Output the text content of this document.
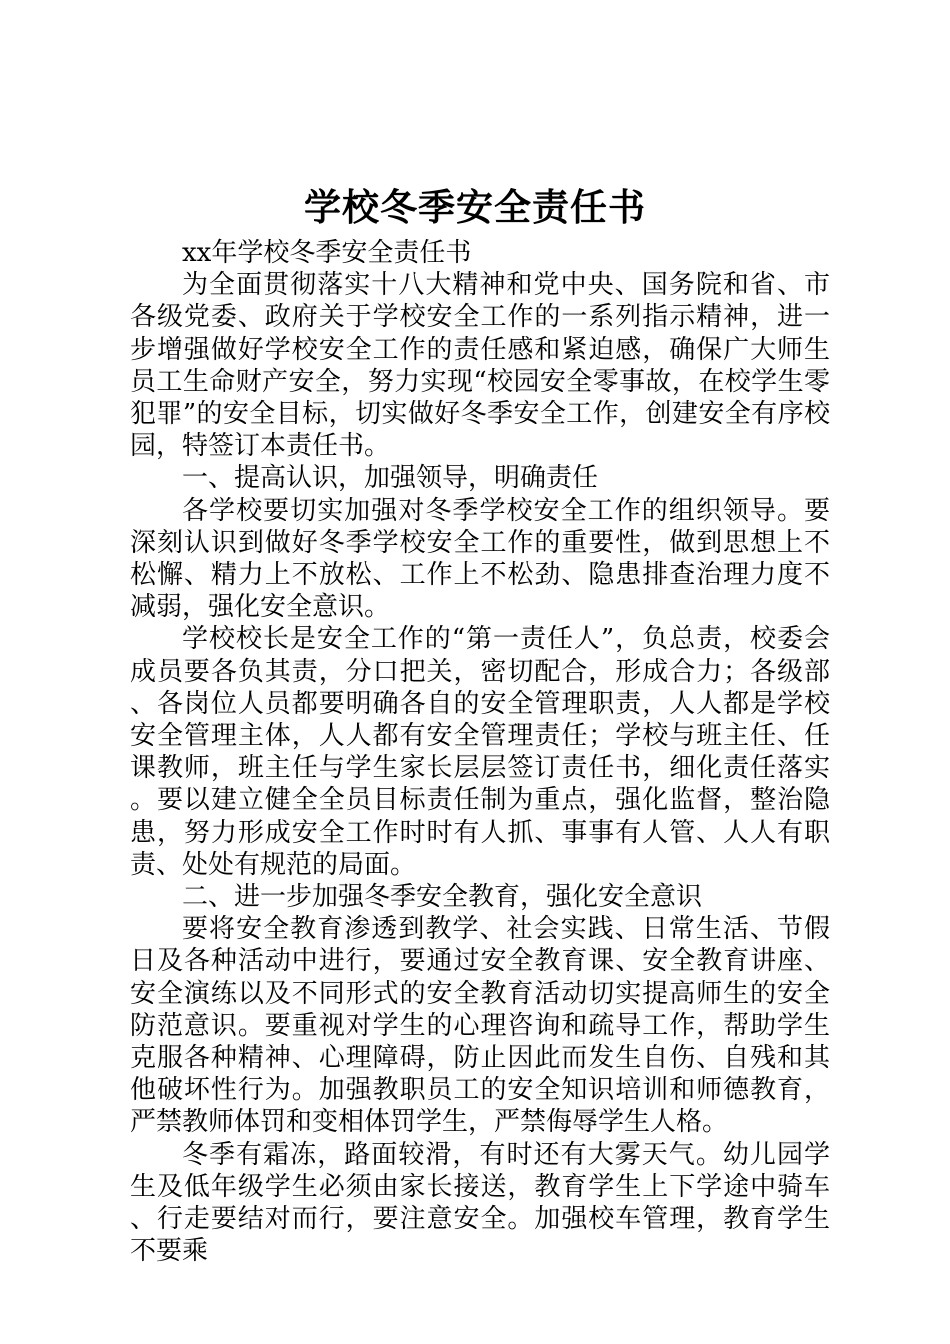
学校冬季安全责任书

xx年学校冬季安全责任书

为全面贯彻落实十八大精神和党中央、国务院和省、市各级党委、政府关于学校安全工作的一系列指示精神，进一步增强做好学校安全工作的责任感和紧迫感，确保广大师生员工生命财产安全，努力实现“校园安全零事故，在校学生零犯罪”的安全目标，切实做好冬季安全工作，创建安全有序校园，特签订本责任书。

一、提高认识，加强领导，明确责任

各学校要切实加强对冬季学校安全工作的组织领导。要深刻认识到做好冬季学校安全工作的重要性，做到思想上不松懈、精力上不放松、工作上不松劲、隐患排查治理力度不减弱，强化安全意识。

学校校长是安全工作的“第一责任人”，负总责，校委会成员要各负其责，分口把关，密切配合，形成合力；各级部、各岗位人员都要明确各自的安全管理职责，人人都是学校安全管理主体，人人都有安全管理责任；学校与班主任、任课教师，班主任与学生家长层层签订责任书，细化责任落实。要以建立健全全员目标责任制为重点，强化监督，整治隐患，努力形成安全工作时时有人抓、事事有人管、人人有职责、处处有规范的局面。

二、进一步加强冬季安全教育，强化安全意识

要将安全教育渗透到教学、社会实践、日常生活、节假日及各种活动中进行，要通过安全教育课、安全教育讲座、安全演练以及不同形式的安全教育活动切实提高师生的安全防范意识。要重视对学生的心理咨询和疏导工作，帮助学生克服各种精神、心理障碍，防止因此而发生自伤、自残和其他破坏性行为。加强教职员工的安全知识培训和师德教育，严禁教师体罚和变相体罚学生，严禁侮辱学生人格。

冬季有霜冻，路面较滑，有时还有大雾天气。幼儿园学生及低年级学生必须由家长接送，教育学生上下学途中骑车、行走要结对而行，要注意安全。加强校车管理，教育学生不要乘
